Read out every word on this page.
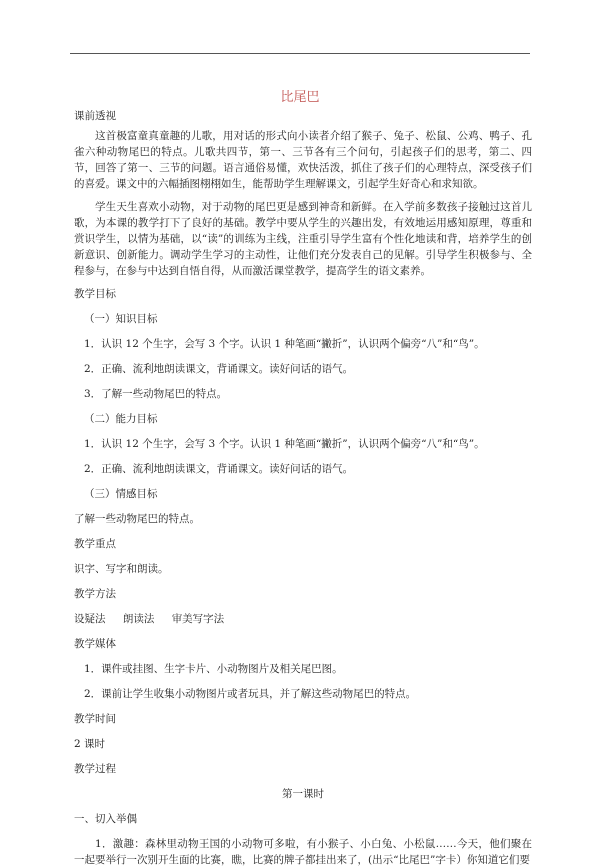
比尾巴

课前透视

这首极富童真童趣的儿歌，用对话的形式向小读者介绍了猴子、兔子、松鼠、公鸡、鸭子、孔雀六种动物尾巴的特点。儿歌共四节，第一、三节各有三个问句，引起孩子们的思考，第二、四节，回答了第一、三节的问题。语言通俗易懂，欢快活泼，抓住了孩子们的心理特点，深受孩子们的喜爱。课文中的六幅插图栩栩如生，能帮助学生理解课文，引起学生好奇心和求知欲。

学生天生喜欢小动物，对于动物的尾巴更是感到神奇和新鲜。在入学前多数孩子接触过这首儿歌，为本课的教学打下了良好的基础。教学中要从学生的兴趣出发，有效地运用感知原理，尊重和赏识学生，以情为基础，以“读”的训练为主线，注重引导学生富有个性化地读和背，培养学生的创新意识、创新能力。调动学生学习的主动性，让他们充分发表自己的见解。引导学生积极参与、全程参与，在参与中达到自悟自得，从而激活课堂教学，提高学生的语文素养。

教学目标

（一）知识目标

1．认识 12 个生字，会写 3 个字。认识 1 种笔画“撇折”，认识两个偏旁“八”和“鸟”。

2．正确、流利地朗读课文，背诵课文。读好问话的语气。

3．了解一些动物尾巴的特点。

（二）能力目标

1．认识 12 个生字，会写 3 个字。认识 1 种笔画“撇折”，认识两个偏旁“八”和“鸟”。

2．正确、流利地朗读课文，背诵课文。读好问话的语气。

（三）情感目标

了解一些动物尾巴的特点。

教学重点

识字、写字和朗读。

教学方法

设疑法 朗读法 审美写字法

教学媒体

1．课件或挂图、生字卡片、小动物图片及相关尾巴图。

2．课前让学生收集小动物图片或者玩具，并了解这些动物尾巴的特点。

教学时间

2 课时

教学过程

第一课时

一、切入举偶

1．激趣：森林里动物王国的小动物可多啦，有小猴子、小白兔、小松鼠……今天，他们聚在一起要举行一次别开生面的比赛，瞧，比赛的牌子都挂出来了，(出示“比尾巴”字卡）你知道它们要
